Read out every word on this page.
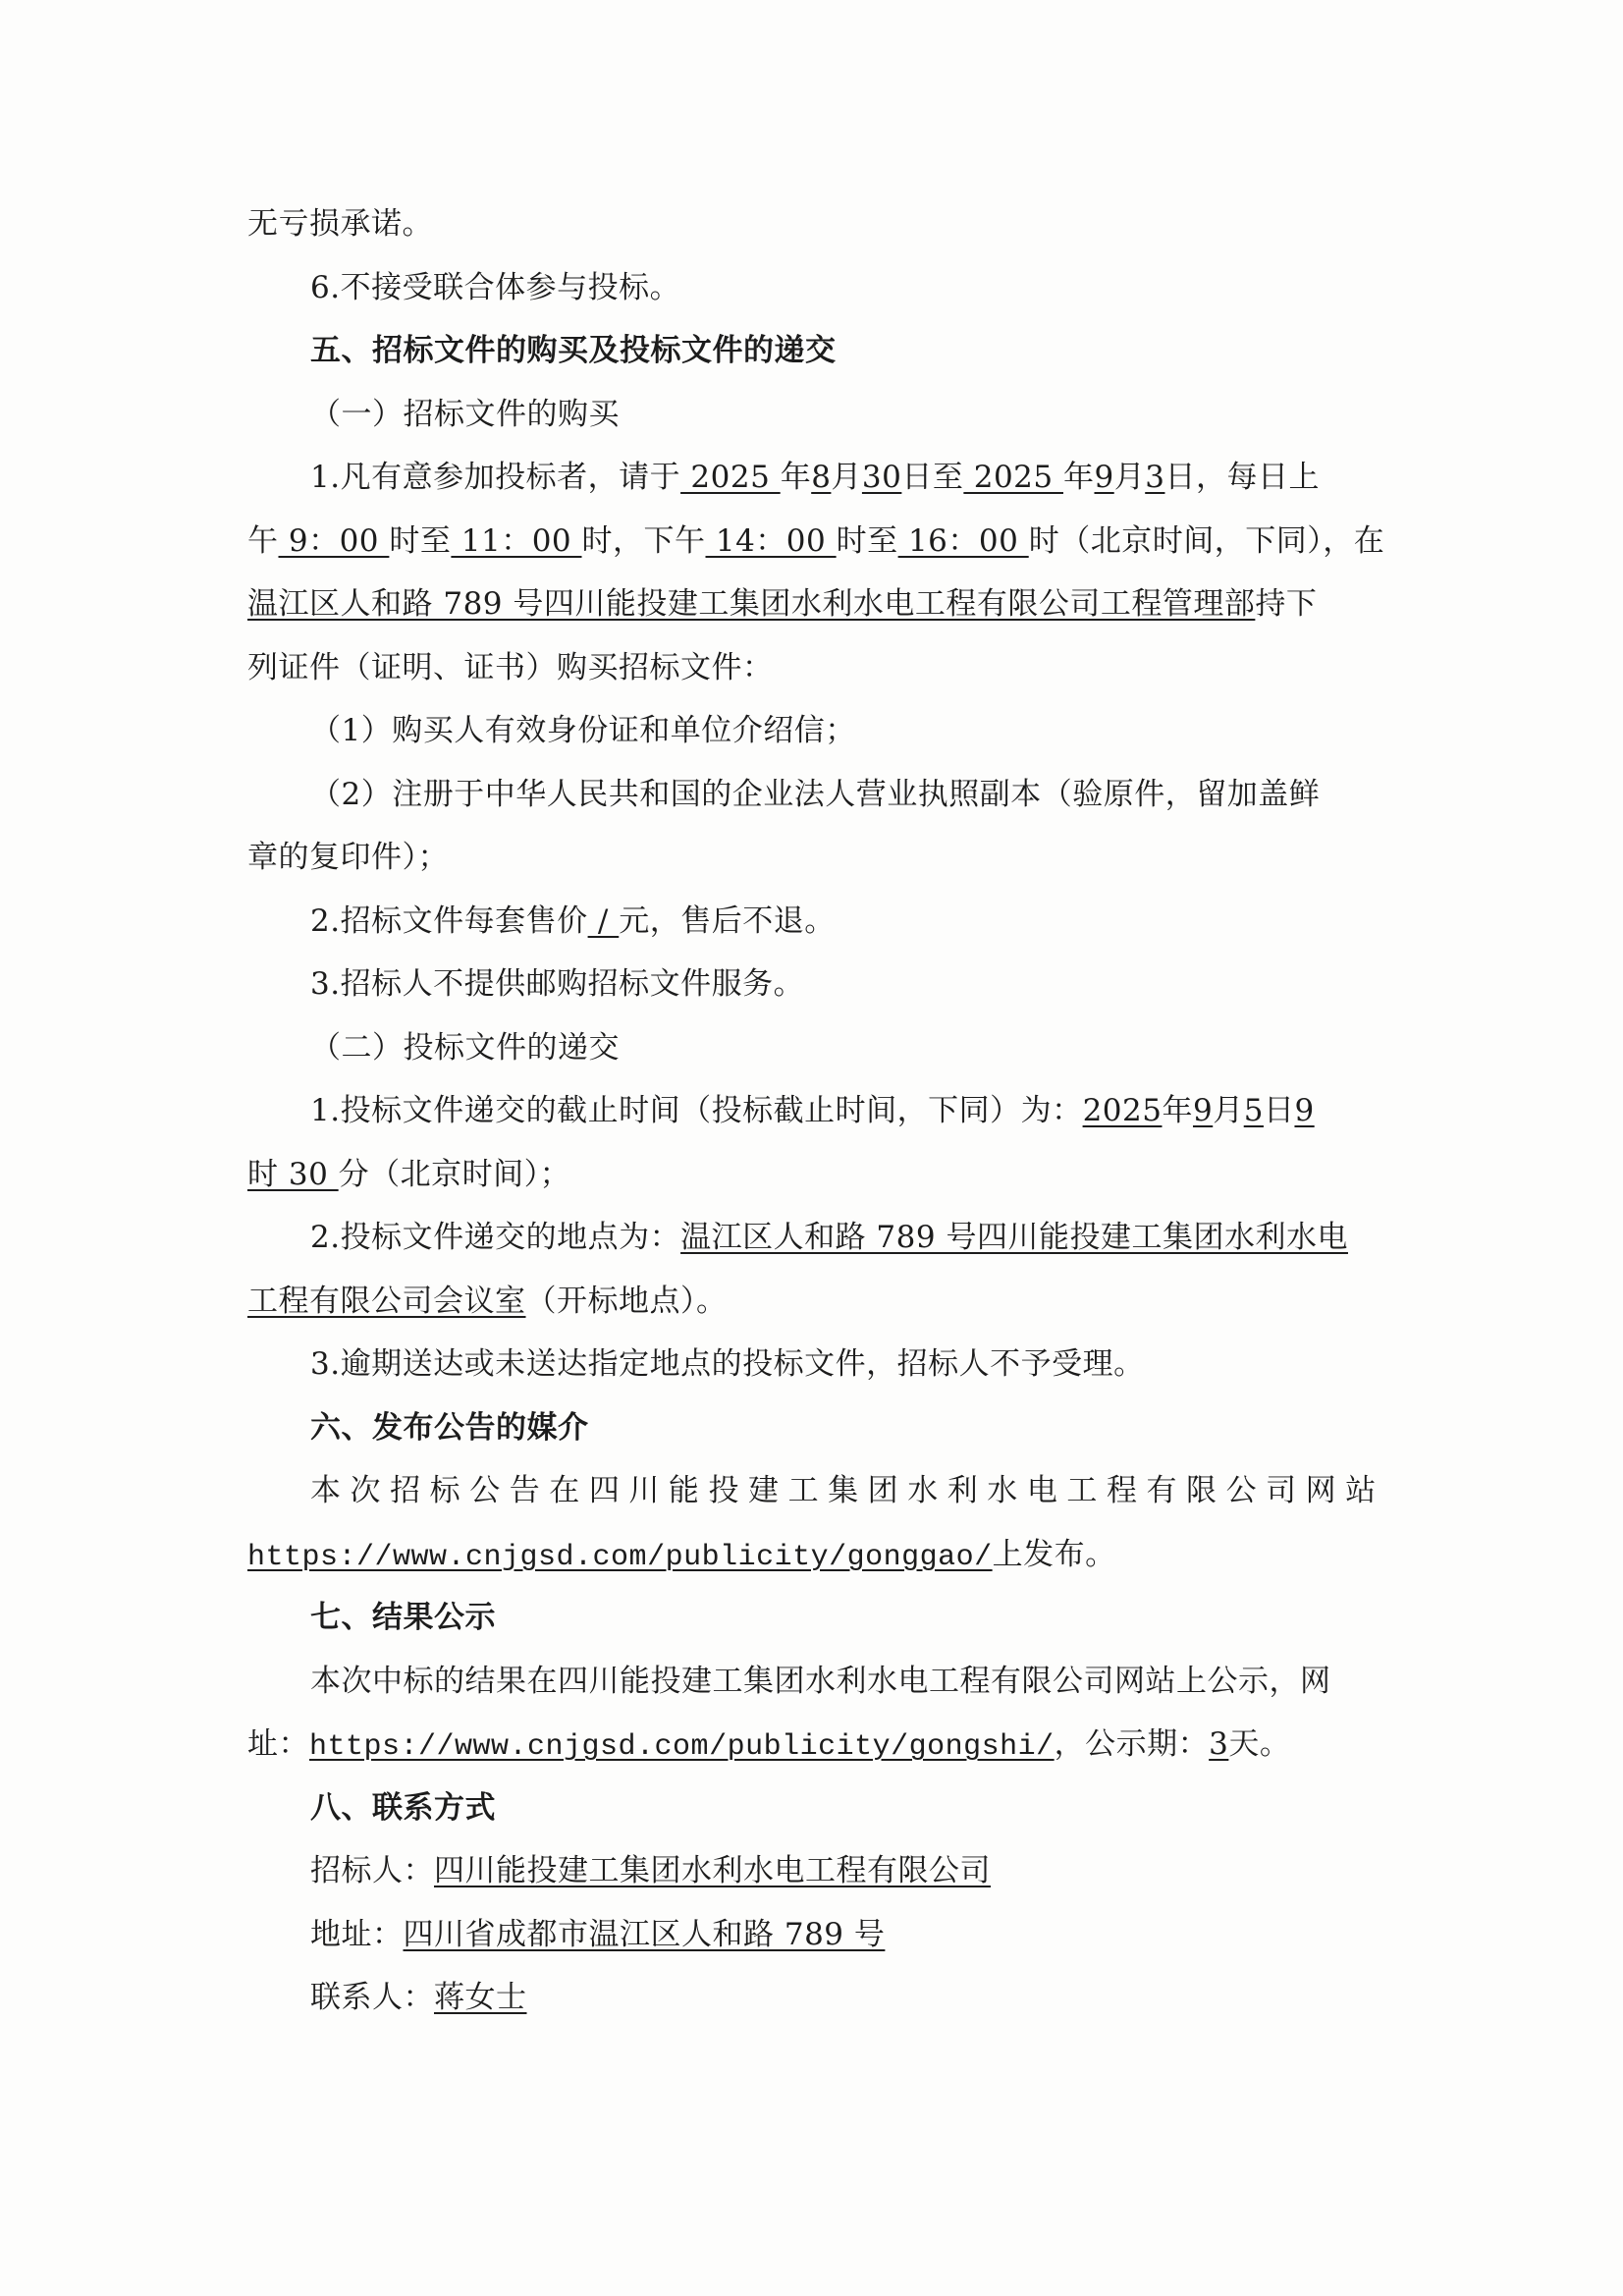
无亏损承诺。
6.不接受联合体参与投标。
五、招标文件的购买及投标文件的递交
（一）招标文件的购买
1.凡有意参加投标者，请于 2025 年8月30日至 2025 年9月3日，每日上
午 9：00 时至 11：00 时，下午 14：00 时至 16：00 时（北京时间，下同），在
温江区人和路 789 号四川能投建工集团水利水电工程有限公司工程管理部持下
列证件（证明、证书）购买招标文件：
（1）购买人有效身份证和单位介绍信；
（2）注册于中华人民共和国的企业法人营业执照副本（验原件，留加盖鲜
章的复印件）；
2.招标文件每套售价 / 元，售后不退。
3.招标人不提供邮购招标文件服务。
（二）投标文件的递交
1.投标文件递交的截止时间（投标截止时间，下同）为：2025年9月5日9
时 30 分（北京时间）；
2.投标文件递交的地点为：温江区人和路 789 号四川能投建工集团水利水电
工程有限公司会议室（开标地点）。
3.逾期送达或未送达指定地点的投标文件，招标人不予受理。
六、发布公告的媒介
本 次 招 标 公 告 在 四 川 能 投 建 工 集 团 水 利 水 电 工 程 有 限 公 司 网 站
https://www.cnjgsd.com/publicity/gonggao/上发布。
七、结果公示
本次中标的结果在四川能投建工集团水利水电工程有限公司网站上公示，网
址：https://www.cnjgsd.com/publicity/gongshi/，公示期：3天。
八、联系方式
招标人：四川能投建工集团水利水电工程有限公司
地址：四川省成都市温江区人和路 789 号
联系人：蒋女士
